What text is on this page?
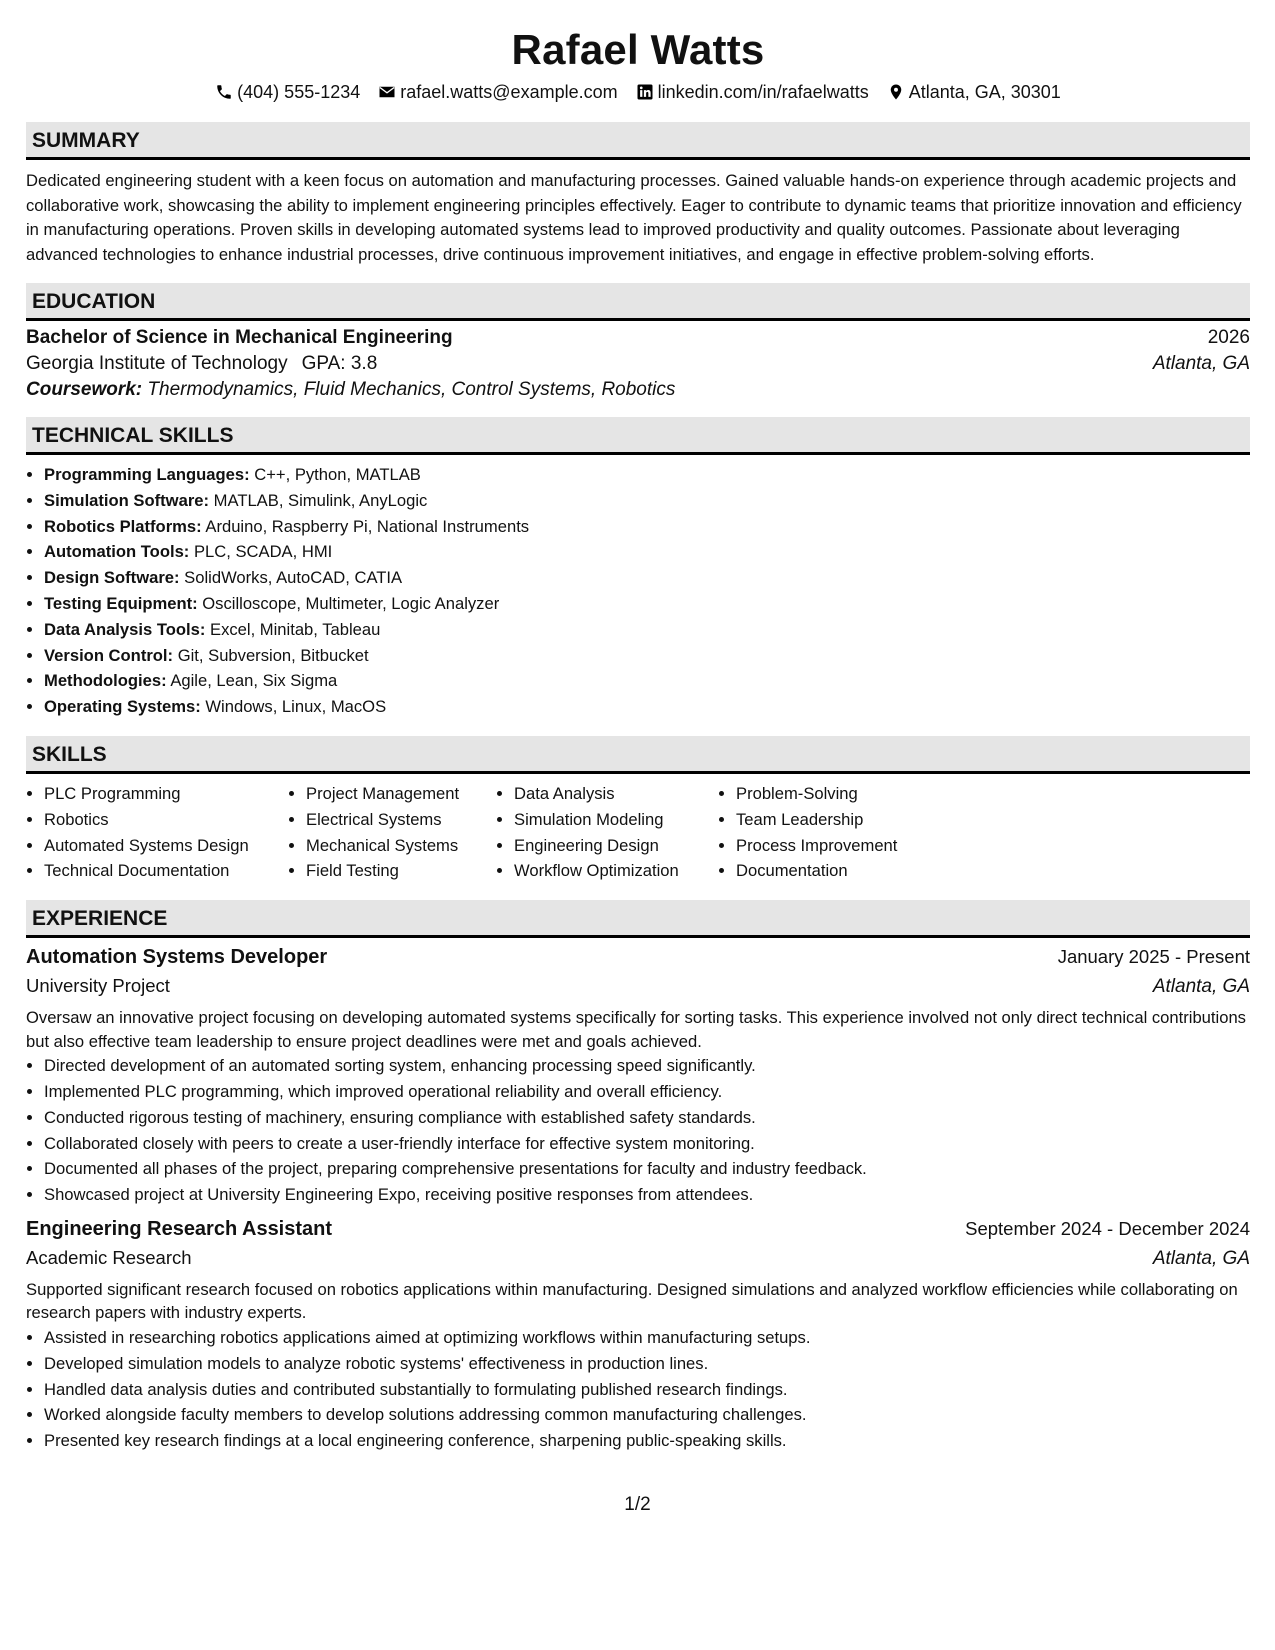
Rafael Watts
(404) 555-1234 rafael.watts@example.com linkedin.com/in/rafaelwatts Atlanta, GA, 30301
SUMMARY
Dedicated engineering student with a keen focus on automation and manufacturing processes. Gained valuable hands-on experience through academic projects and collaborative work, showcasing the ability to implement engineering principles effectively. Eager to contribute to dynamic teams that prioritize innovation and efficiency in manufacturing operations. Proven skills in developing automated systems lead to improved productivity and quality outcomes. Passionate about leveraging advanced technologies to enhance industrial processes, drive continuous improvement initiatives, and engage in effective problem-solving efforts.
EDUCATION
Bachelor of Science in Mechanical Engineering	2026
Georgia Institute of Technology GPA: 3.8	Atlanta, GA
Coursework: Thermodynamics, Fluid Mechanics, Control Systems, Robotics
TECHNICAL SKILLS
• Programming Languages: C++, Python, MATLAB
• Simulation Software: MATLAB, Simulink, AnyLogic
• Robotics Platforms: Arduino, Raspberry Pi, National Instruments
• Automation Tools: PLC, SCADA, HMI
• Design Software: SolidWorks, AutoCAD, CATIA
• Testing Equipment: Oscilloscope, Multimeter, Logic Analyzer
• Data Analysis Tools: Excel, Minitab, Tableau
• Version Control: Git, Subversion, Bitbucket
• Methodologies: Agile, Lean, Six Sigma
• Operating Systems: Windows, Linux, MacOS
SKILLS
• PLC Programming
• Robotics
• Automated Systems Design
• Technical Documentation
• Project Management
• Electrical Systems
• Mechanical Systems
• Field Testing
• Data Analysis
• Simulation Modeling
• Engineering Design
• Workflow Optimization
• Problem-Solving
• Team Leadership
• Process Improvement
• Documentation
EXPERIENCE
Automation Systems Developer	January 2025 - Present
University Project	Atlanta, GA
Oversaw an innovative project focusing on developing automated systems specifically for sorting tasks. This experience involved not only direct technical contributions but also effective team leadership to ensure project deadlines were met and goals achieved.
• Directed development of an automated sorting system, enhancing processing speed significantly.
• Implemented PLC programming, which improved operational reliability and overall efficiency.
• Conducted rigorous testing of machinery, ensuring compliance with established safety standards.
• Collaborated closely with peers to create a user-friendly interface for effective system monitoring.
• Documented all phases of the project, preparing comprehensive presentations for faculty and industry feedback.
• Showcased project at University Engineering Expo, receiving positive responses from attendees.
Engineering Research Assistant	September 2024 - December 2024
Academic Research	Atlanta, GA
Supported significant research focused on robotics applications within manufacturing. Designed simulations and analyzed workflow efficiencies while collaborating on research papers with industry experts.
• Assisted in researching robotics applications aimed at optimizing workflows within manufacturing setups.
• Developed simulation models to analyze robotic systems' effectiveness in production lines.
• Handled data analysis duties and contributed substantially to formulating published research findings.
• Worked alongside faculty members to develop solutions addressing common manufacturing challenges.
• Presented key research findings at a local engineering conference, sharpening public-speaking skills.
1/2
